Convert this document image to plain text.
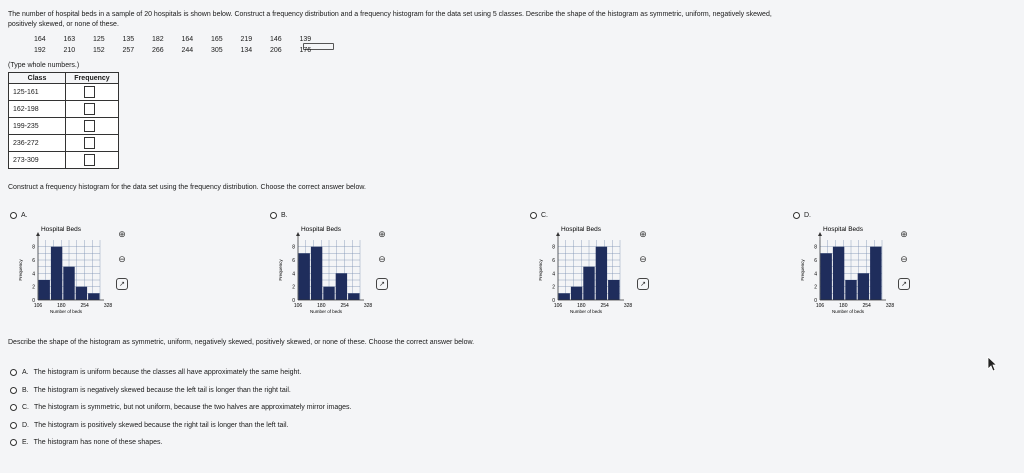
The number of hospital beds in a sample of 20 hospitals is shown below. Construct a frequency distribution and a frequency histogram for the data set using 5 classes. Describe the shape of the histogram as symmetric, uniform, negatively skewed,
positively skewed, or none of these.
164	163	125	135	182	164	165	219	146	139
192	210	152	257	266	244	305	134	206	176
(Type whole numbers.)
Class	Frequency
125-161	
162-198	
199-235	
236-272	
273-309	
Construct a frequency histogram for the data set using the frequency distribution. Choose the correct answer below.
A.	B.	C.	D.
Hospital Beds
0
2
4
6
8
106	180	254	328
Number of beds
Frequency
Hospital Beds
0
2
4
6
8
106	180	254	328
Number of beds
Frequency
Hospital Beds
0
2
4
6
8
106	180	254	328
Number of beds
Frequency
Hospital Beds
0
2
4
6
8
106	180	254	328
Number of beds
Frequency
⊕
⊖
↗
⊕
⊖
↗
⊕
⊖
↗
⊕
⊖
↗
Describe the shape of the histogram as symmetric, uniform, negatively skewed, positively skewed, or none of these. Choose the correct answer below.
A. The histogram is uniform because the classes all have approximately the same height.
B. The histogram is negatively skewed because the left tail is longer than the right tail.
C. The histogram is symmetric, but not uniform, because the two halves are approximately mirror images.
D. The histogram is positively skewed because the right tail is longer than the left tail.
E. The histogram has none of these shapes.
